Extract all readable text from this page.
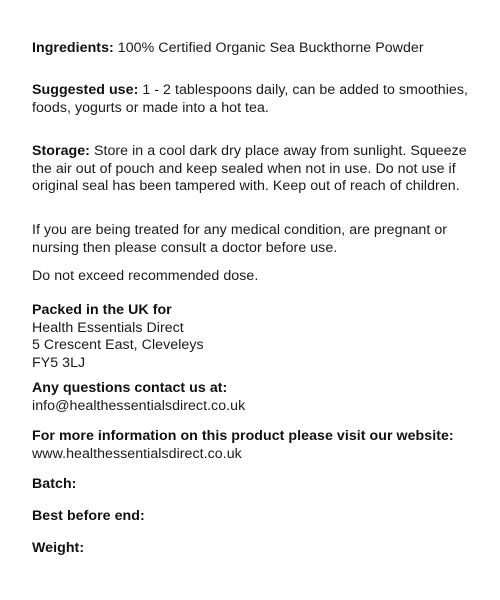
Ingredients: 100% Certified Organic Sea Buckthorne Powder
Suggested use: 1 - 2 tablespoons daily, can be added to smoothies, foods, yogurts or made into a hot tea.
Storage: Store in a cool dark dry place away from sunlight. Squeeze the air out of pouch and keep sealed when not in use. Do not use if original seal has been tampered with. Keep out of reach of children.
If you are being treated for any medical condition, are pregnant or nursing then please consult a doctor before use.
Do not exceed recommended dose.
Packed in the UK for
Health Essentials Direct
5 Crescent East, Cleveleys
FY5 3LJ
Any questions contact us at:
info@healthessentialsdirect.co.uk
For more information on this product please visit our website:
www.healthessentialsdirect.co.uk
Batch:
Best before end:
Weight:
